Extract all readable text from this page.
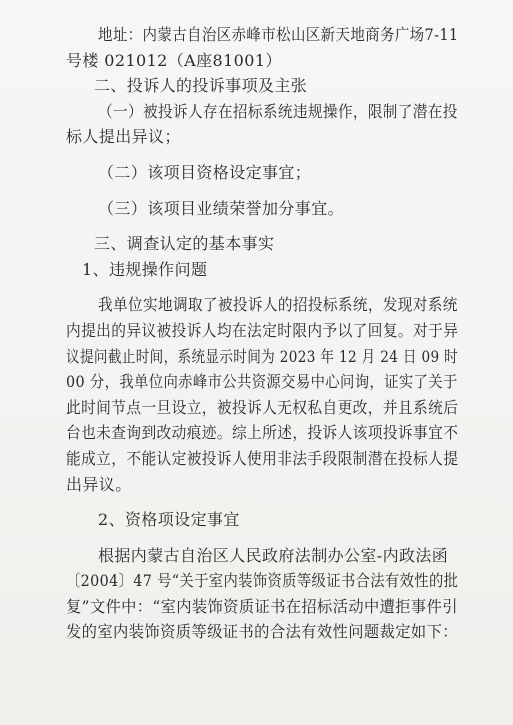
地址：内蒙古自治区赤峰市松山区新天地商务广场7-11
号楼 021012（A座81001）
二、投诉人的投诉事项及主张
（一）被投诉人存在招标系统违规操作，限制了潜在投
标人提出异议；
（二）该项目资格设定事宜；
（三）该项目业绩荣誉加分事宜。
三、调查认定的基本事实
1、违规操作问题
我单位实地调取了被投诉人的招投标系统，发现对系统
内提出的异议被投诉人均在法定时限内予以了回复。对于异
议提问截止时间，系统显示时间为 2023 年 12 月 24 日 09 时
00 分，我单位向赤峰市公共资源交易中心问询，证实了关于
此时间节点一旦设立，被投诉人无权私自更改，并且系统后
台也未查询到改动痕迹。综上所述，投诉人该项投诉事宜不
能成立，不能认定被投诉人使用非法手段限制潜在投标人提
出异议。
2、资格项设定事宜
根据内蒙古自治区人民政府法制办公室-内政法函
〔2004〕47 号“关于室内装饰资质等级证书合法有效性的批
复”文件中：“室内装饰资质证书在招标活动中遭拒事件引
发的室内装饰资质等级证书的合法有效性问题裁定如下：
